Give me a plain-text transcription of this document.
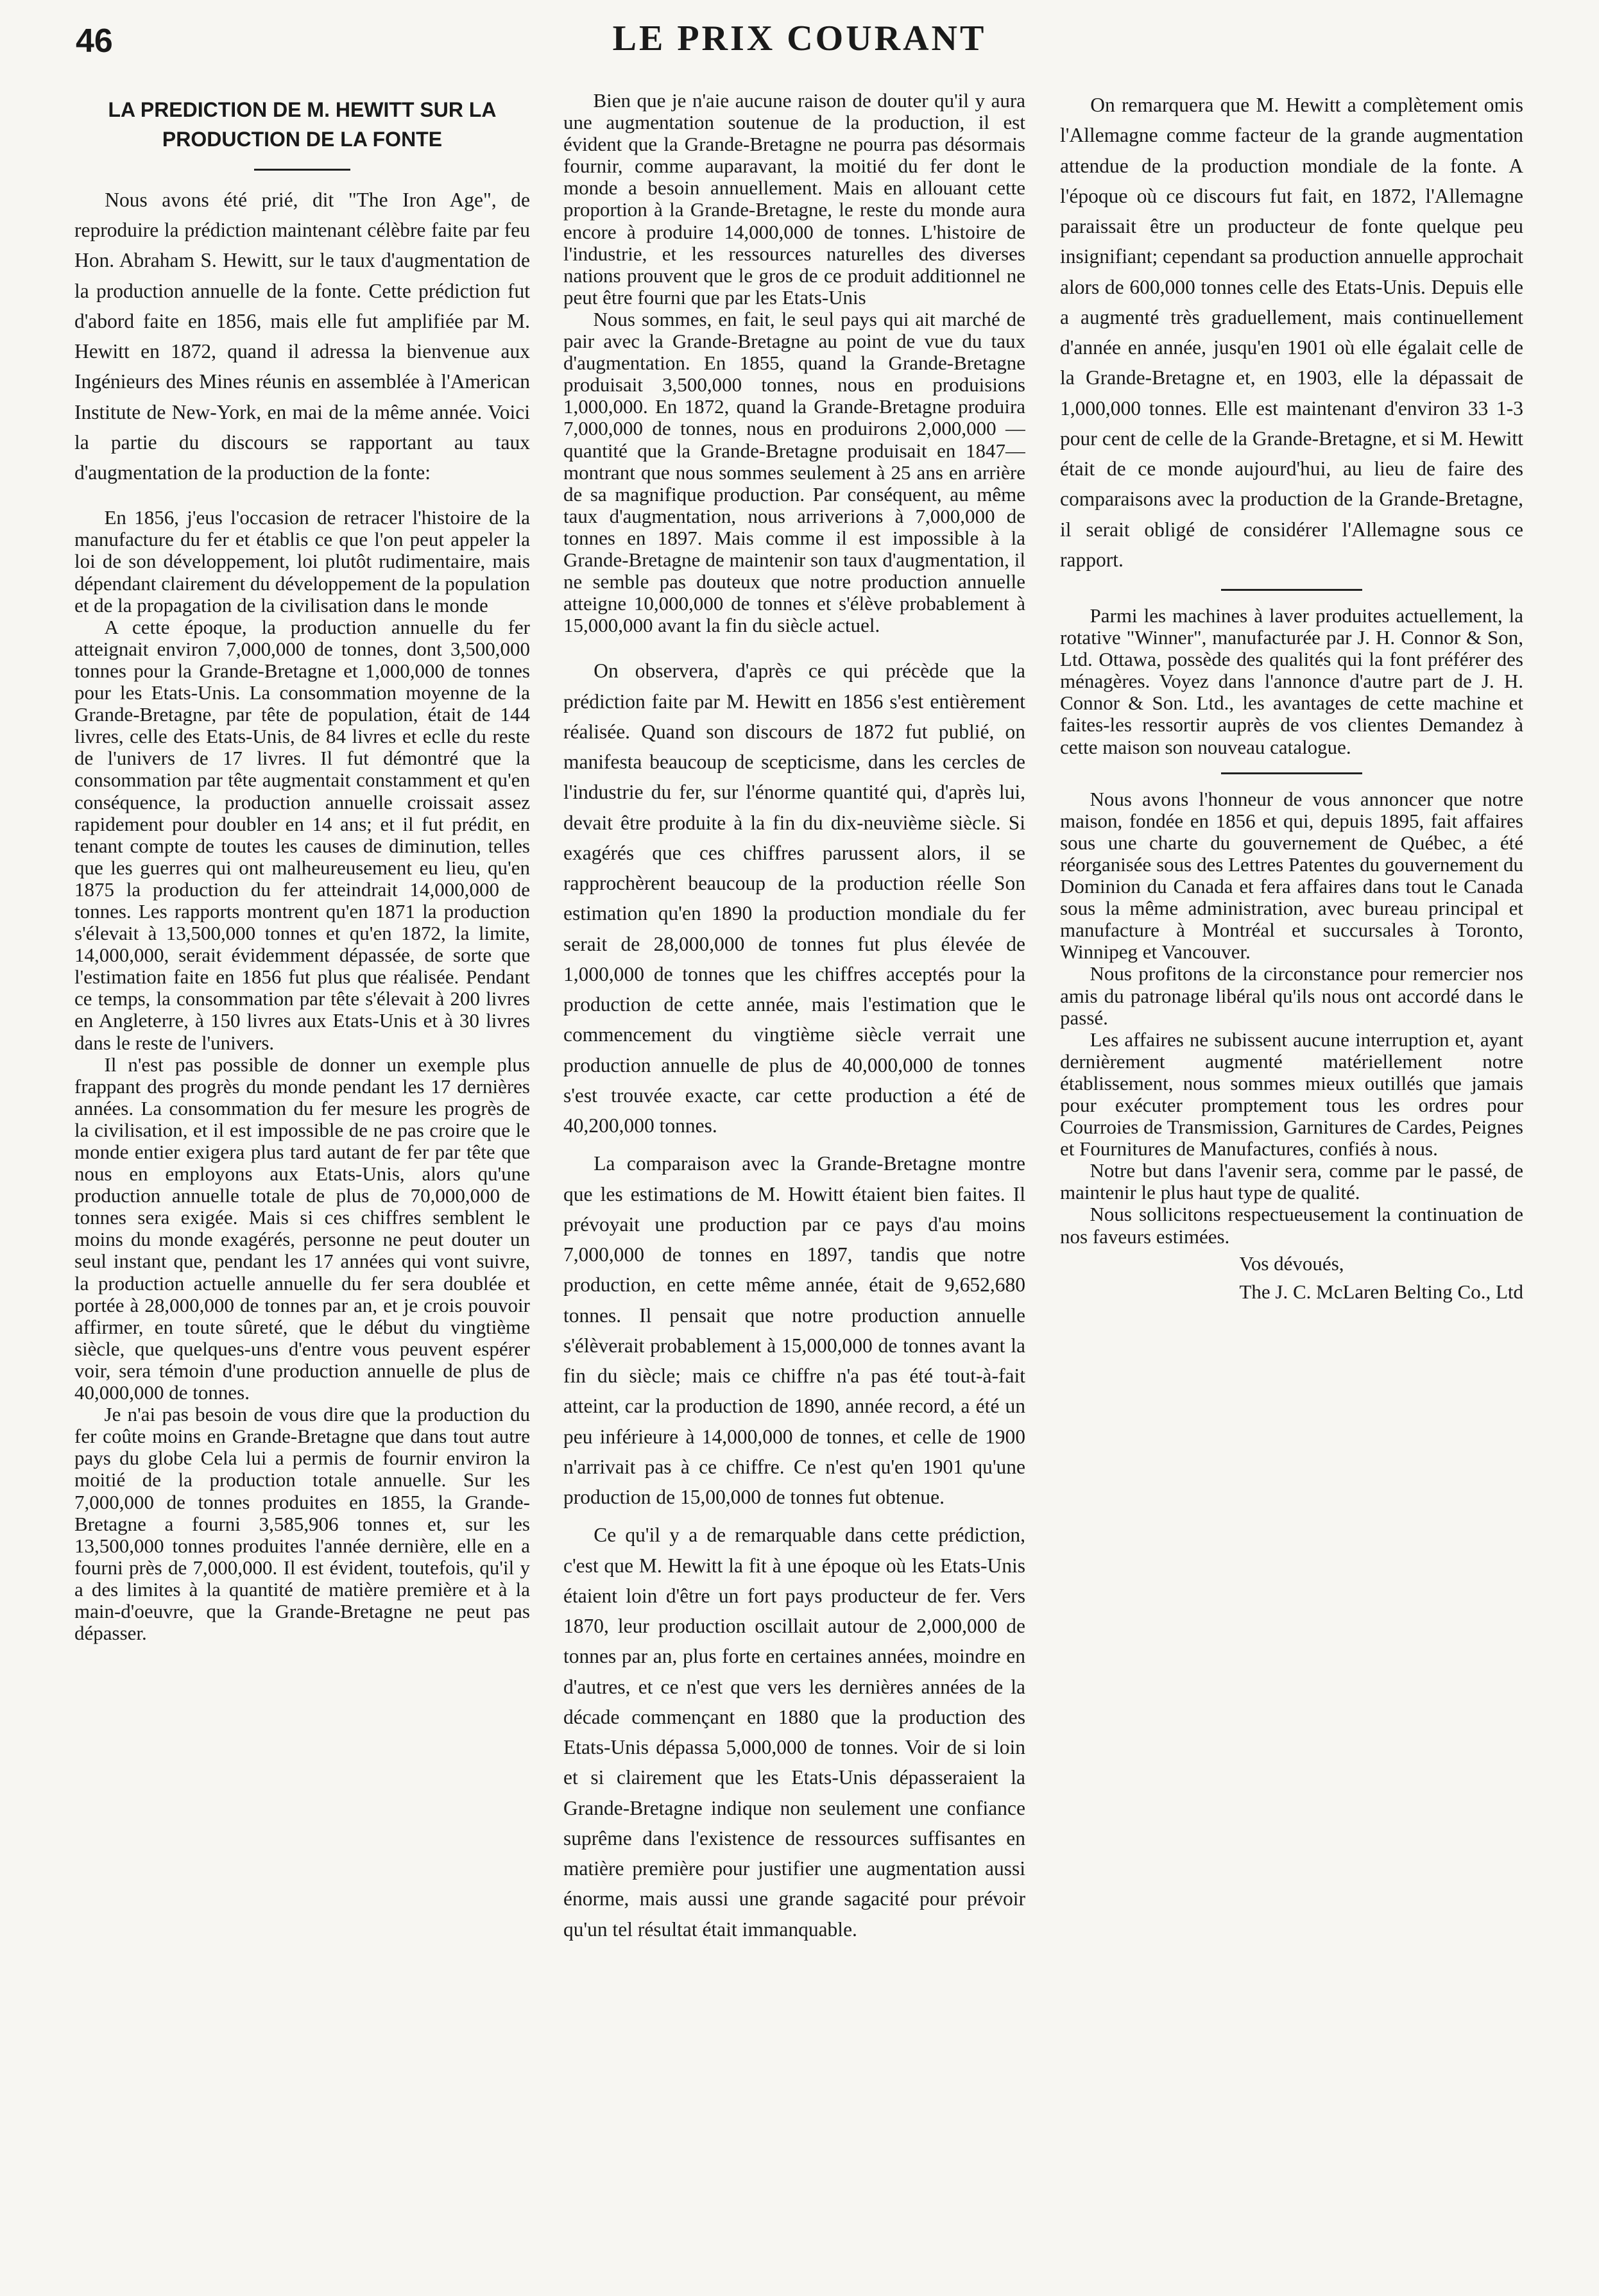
46	LE PRIX COURANT
LA PREDICTION DE M. HEWITT SUR LA PRODUCTION DE LA FONTE

Nous avons été prié, dit "The Iron Age", de reproduire la prédiction maintenant célèbre faite par feu Hon. Abraham S. Hewitt, sur le taux d'augmentation de la production annuelle de la fonte. Cette prédiction fut d'abord faite en 1856, mais elle fut amplifiée par M. Hewitt en 1872, quand il adressa la bienvenue aux Ingénieurs des Mines réunis en assemblée à l'American Institute de New-York, en mai de la même année. Voici la partie du discours se rapportant au taux d'augmentation de la production de la fonte:

En 1856, j'eus l'occasion de retracer l'histoire de la manufacture du fer et établis ce que l'on peut appeler la loi de son développement, loi plutôt rudimentaire, mais dépendant clairement du développement de la population et de la propagation de la civilisation dans le monde

A cette époque, la production annuelle du fer atteignait environ 7,000,000 de tonnes, dont 3,500,000 tonnes pour la Grande-Bretagne et 1,000,000 de tonnes pour les Etats-Unis. La consommation moyenne de la Grande-Bretagne, par tête de population, était de 144 livres, celle des Etats-Unis, de 84 livres et eclle du reste de l'univers de 17 livres. Il fut démontré que la consommation par tête augmentait constamment et qu'en conséquence, la production annuelle croissait assez rapidement pour doubler en 14 ans; et il fut prédit, en tenant compte de toutes les causes de diminution, telles que les guerres qui ont malheureusement eu lieu, qu'en 1875 la production du fer atteindrait 14,000,000 de tonnes. Les rapports montrent qu'en 1871 la production s'élevait à 13,500,000 tonnes et qu'en 1872, la limite, 14,000,000, serait évidemment dépassée, de sorte que l'estimation faite en 1856 fut plus que réalisée. Pendant ce temps, la consommation par tête s'élevait à 200 livres en Angleterre, à 150 livres aux Etats-Unis et à 30 livres dans le reste de l'univers.

Il n'est pas possible de donner un exemple plus frappant des progrès du monde pendant les 17 dernières années. La consommation du fer mesure les progrès de la civilisation, et il est impossible de ne pas croire que le monde entier exigera plus tard autant de fer par tête que nous en employons aux Etats-Unis, alors qu'une production annuelle totale de plus de 70,000,000 de tonnes sera exigée. Mais si ces chiffres semblent le moins du monde exagérés, personne ne peut douter un seul instant que, pendant les 17 années qui vont suivre, la production actuelle annuelle du fer sera doublée et portée à 28,000,000 de tonnes par an, et je crois pouvoir affirmer, en toute sûreté, que le début du vingtième siècle, que quelques-uns d'entre vous peuvent espérer voir, sera témoin d'une production annuelle de plus de 40,000,000 de tonnes.

Je n'ai pas besoin de vous dire que la production du fer coûte moins en Grande-Bretagne que dans tout autre pays du globe Cela lui a permis de fournir environ la moitié de la production totale annuelle. Sur les 7,000,000 de tonnes produites en 1855, la Grande-Bretagne a fourni 3,585,906 tonnes et, sur les 13,500,000 tonnes produites l'année dernière, elle en a fourni près de 7,000,000. Il est évident, toutefois, qu'il y a des limites à la quantité de matière première et à la main-d'oeuvre, que la Grande-Bretagne ne peut pas dépasser.

Bien que je n'aie aucune raison de douter qu'il y aura une augmentation soutenue de la production, il est évident que la Grande-Bretagne ne pourra pas désormais fournir, comme auparavant, la moitié du fer dont le monde a besoin annuellement. Mais en allouant cette proportion à la Grande-Bretagne, le reste du monde aura encore à produire 14,000,000 de tonnes. L'histoire de l'industrie, et les ressources naturelles des diverses nations prouvent que le gros de ce produit additionnel ne peut être fourni que par les Etats-Unis

Nous sommes, en fait, le seul pays qui ait marché de pair avec la Grande-Bretagne au point de vue du taux d'augmentation. En 1855, quand la Grande-Bretagne produisait 3,500,000 tonnes, nous en produisions 1,000,000. En 1872, quand la Grande-Bretagne produira 7,000,000 de tonnes, nous en produirons 2,000,000 — quantité que la Grande-Bretagne produisait en 1847—montrant que nous sommes seulement à 25 ans en arrière de sa magnifique production. Par conséquent, au même taux d'augmentation, nous arriverions à 7,000,000 de tonnes en 1897. Mais comme il est impossible à la Grande-Bretagne de maintenir son taux d'augmentation, il ne semble pas douteux que notre production annuelle atteigne 10,000,000 de tonnes et s'élève probablement à 15,000,000 avant la fin du siècle actuel.

On observera, d'après ce qui précède que la prédiction faite par M. Hewitt en 1856 s'est entièrement réalisée. Quand son discours de 1872 fut publié, on manifesta beaucoup de scepticisme, dans les cercles de l'industrie du fer, sur l'énorme quantité qui, d'après lui, devait être produite à la fin du dix-neuvième siècle. Si exagérés que ces chiffres parussent alors, il se rapprochèrent beaucoup de la production réelle Son estimation qu'en 1890 la production mondiale du fer serait de 28,000,000 de tonnes fut plus élevée de 1,000,000 de tonnes que les chiffres acceptés pour la production de cette année, mais l'estimation que le commencement du vingtième siècle verrait une production annuelle de plus de 40,000,000 de tonnes s'est trouvée exacte, car cette production a été de 40,200,000 tonnes.

La comparaison avec la Grande-Bretagne montre que les estimations de M. Howitt étaient bien faites. Il prévoyait une production par ce pays d'au moins 7,000,000 de tonnes en 1897, tandis que notre production, en cette même année, était de 9,652,680 tonnes. Il pensait que notre production annuelle s'élèverait probablement à 15,000,000 de tonnes avant la fin du siècle; mais ce chiffre n'a pas été tout-à-fait atteint, car la production de 1890, année record, a été un peu inférieure à 14,000,000 de tonnes, et celle de 1900 n'arrivait pas à ce chiffre. Ce n'est qu'en 1901 qu'une production de 15,00,000 de tonnes fut obtenue.

Ce qu'il y a de remarquable dans cette prédiction, c'est que M. Hewitt la fit à une époque où les Etats-Unis étaient loin d'être un fort pays producteur de fer. Vers 1870, leur production oscillait autour de 2,000,000 de tonnes par an, plus forte en certaines années, moindre en d'autres, et ce n'est que vers les dernières années de la décade commençant en 1880 que la production des Etats-Unis dépassa 5,000,000 de tonnes. Voir de si loin et si clairement que les Etats-Unis dépasseraient la Grande-Bretagne indique non seulement une confiance suprême dans l'existence de ressources suffisantes en matière première pour justifier une augmentation aussi énorme, mais aussi une grande sagacité pour prévoir qu'un tel résultat était immanquable.

On remarquera que M. Hewitt a complètement omis l'Allemagne comme facteur de la grande augmentation attendue de la production mondiale de la fonte. A l'époque où ce discours fut fait, en 1872, l'Allemagne paraissait être un producteur de fonte quelque peu insignifiant; cependant sa production annuelle approchait alors de 600,000 tonnes celle des Etats-Unis. Depuis elle a augmenté très graduellement, mais continuellement d'année en année, jusqu'en 1901 où elle égalait celle de la Grande-Bretagne et, en 1903, elle la dépassait de 1,000,000 tonnes. Elle est maintenant d'environ 33 1-3 pour cent de celle de la Grande-Bretagne, et si M. Hewitt était de ce monde aujourd'hui, au lieu de faire des comparaisons avec la production de la Grande-Bretagne, il serait obligé de considérer l'Allemagne sous ce rapport.

Parmi les machines à laver produites actuellement, la rotative "Winner", manufacturée par J. H. Connor & Son, Ltd. Ottawa, possède des qualités qui la font préférer des ménagères. Voyez dans l'annonce d'autre part de J. H. Connor & Son. Ltd., les avantages de cette machine et faites-les ressortir auprès de vos clientes Demandez à cette maison son nouveau catalogue.

Nous avons l'honneur de vous annoncer que notre maison, fondée en 1856 et qui, depuis 1895, fait affaires sous une charte du gouvernement de Québec, a été réorganisée sous des Lettres Patentes du gouvernement du Dominion du Canada et fera affaires dans tout le Canada sous la même administration, avec bureau principal et manufacture à Montréal et succursales à Toronto, Winnipeg et Vancouver.

Nous profitons de la circonstance pour remercier nos amis du patronage libéral qu'ils nous ont accordé dans le passé.

Les affaires ne subissent aucune interruption et, ayant dernièrement augmenté matériellement notre établissement, nous sommes mieux outillés que jamais pour exécuter promptement tous les ordres pour Courroies de Transmission, Garnitures de Cardes, Peignes et Fournitures de Manufactures, confiés à nous.

Notre but dans l'avenir sera, comme par le passé, de maintenir le plus haut type de qualité.

Nous sollicitons respectueusement la continuation de nos faveurs estimées.

Vos dévoués,
The J. C. McLaren Belting Co., Ltd
